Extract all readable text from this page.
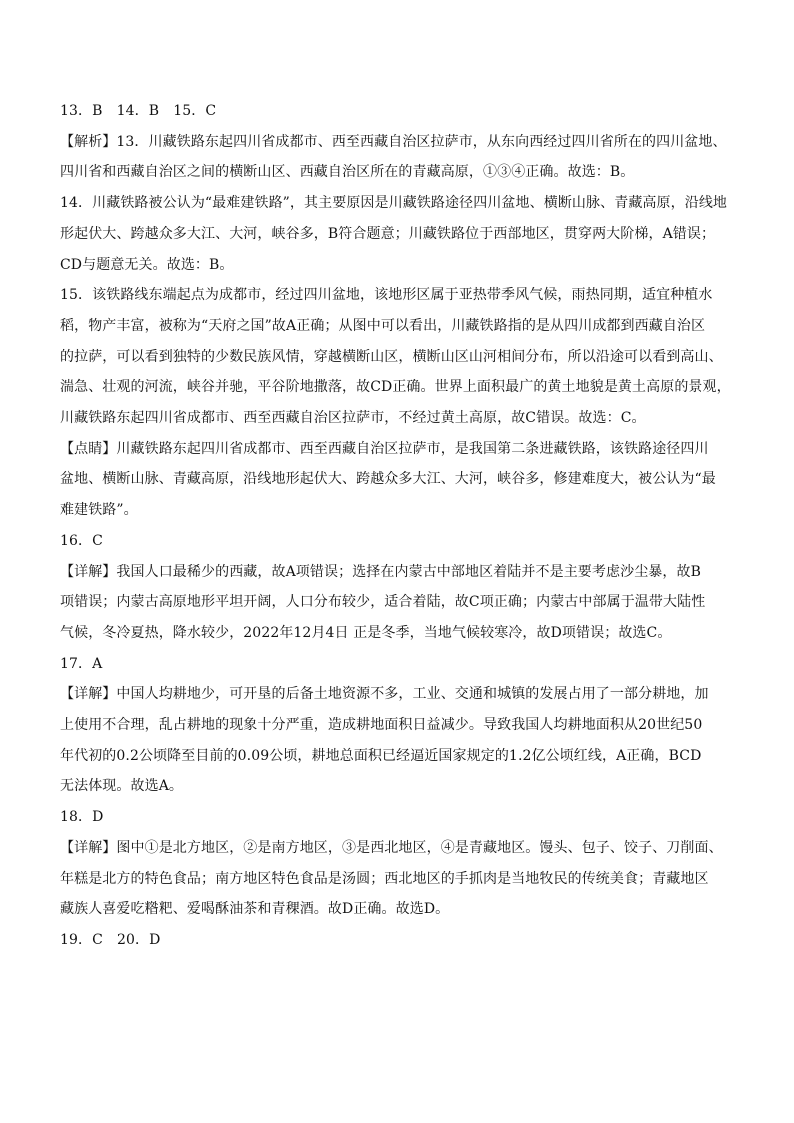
13．B　14．B　15．C
【解析】13．川藏铁路东起四川省成都市、西至西藏自治区拉萨市，从东向西经过四川省所在的四川盆地、
四川省和西藏自治区之间的横断山区、西藏自治区所在的青藏高原，①③④正确。故选：B。
14．川藏铁路被公认为“最难建铁路”，其主要原因是川藏铁路途径四川盆地、横断山脉、青藏高原，沿线地
形起伏大、跨越众多大江、大河，峡谷多，B符合题意；川藏铁路位于西部地区，贯穿两大阶梯，A错误；
CD与题意无关。故选：B。
15．该铁路线东端起点为成都市，经过四川盆地，该地形区属于亚热带季风气候，雨热同期，适宜种植水
稻，物产丰富，被称为“天府之国”故A正确；从图中可以看出，川藏铁路指的是从四川成都到西藏自治区
的拉萨，可以看到独特的少数民族风情，穿越横断山区，横断山区山河相间分布，所以沿途可以看到高山、
湍急、壮观的河流，峡谷并驰，平谷阶地撒落，故CD正确。世界上面积最广的黄土地貌是黄土高原的景观，
川藏铁路东起四川省成都市、西至西藏自治区拉萨市，不经过黄土高原，故C错误。故选：C。
【点睛】川藏铁路东起四川省成都市、西至西藏自治区拉萨市，是我国第二条进藏铁路，该铁路途径四川
盆地、横断山脉、青藏高原，沿线地形起伏大、跨越众多大江、大河，峡谷多，修建难度大，被公认为“最
难建铁路”。
16．C
【详解】我国人口最稀少的西藏，故A项错误；选择在内蒙古中部地区着陆并不是主要考虑沙尘暴，故B
项错误；内蒙古高原地形平坦开阔，人口分布较少，适合着陆，故C项正确；内蒙古中部属于温带大陆性
气候，冬冷夏热，降水较少，2022年12月4日 正是冬季，当地气候较寒冷，故D项错误；故选C。
17．A
【详解】中国人均耕地少，可开垦的后备土地资源不多，工业、交通和城镇的发展占用了一部分耕地，加
上使用不合理，乱占耕地的现象十分严重，造成耕地面积日益减少。导致我国人均耕地面积从20世纪50
年代初的0.2公顷降至目前的0.09公顷，耕地总面积已经逼近国家规定的1.2亿公顷红线，A正确，BCD
无法体现。故选A。
18．D
【详解】图中①是北方地区，②是南方地区，③是西北地区，④是青藏地区。馒头、包子、饺子、刀削面、
年糕是北方的特色食品；南方地区特色食品是汤圆；西北地区的手抓肉是当地牧民的传统美食；青藏地区
藏族人喜爱吃糌粑、爱喝酥油茶和青稞酒。故D正确。故选D。
19．C　20．D
